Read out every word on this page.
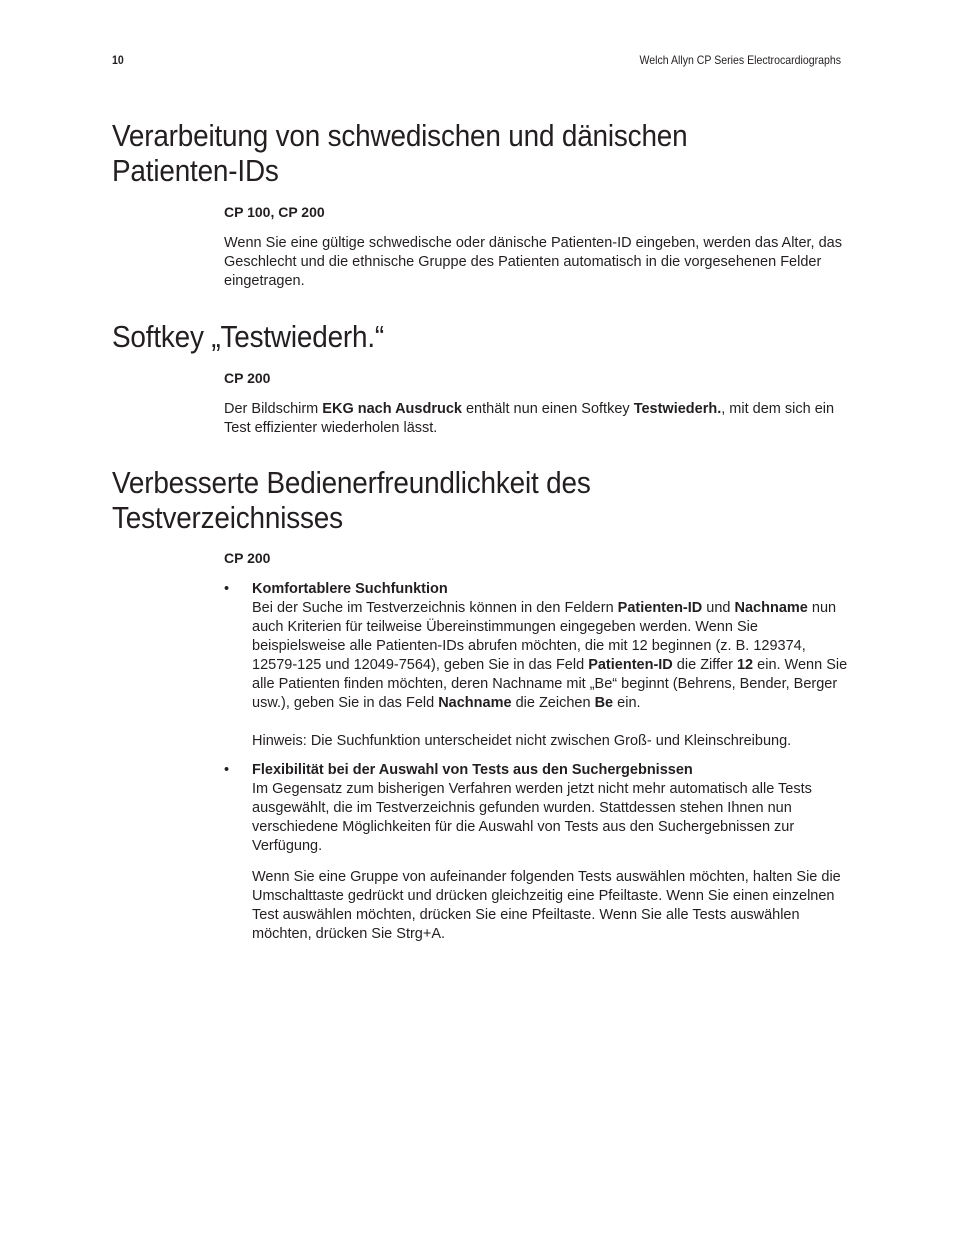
10	Welch Allyn CP Series Electrocardiographs
Verarbeitung von schwedischen und dänischen
Patienten-IDs

CP 100, CP 200

Wenn Sie eine gültige schwedische oder dänische Patienten-ID eingeben, werden das Alter, das Geschlecht und die ethnische Gruppe des Patienten automatisch in die vorgesehenen Felder eingetragen.

Softkey „Testwiederh.“

CP 200

Der Bildschirm EKG nach Ausdruck enthält nun einen Softkey Testwiederh., mit dem sich ein Test effizienter wiederholen lässt.

Verbesserte Bedienerfreundlichkeit des
Testverzeichnisses

CP 200

• Komfortablere Suchfunktion
Bei der Suche im Testverzeichnis können in den Feldern Patienten-ID und Nachname nun auch Kriterien für teilweise Übereinstimmungen eingegeben werden. Wenn Sie beispielsweise alle Patienten-IDs abrufen möchten, die mit 12 beginnen (z. B. 129374, 12579-125 und 12049-7564), geben Sie in das Feld Patienten-ID die Ziffer 12 ein. Wenn Sie alle Patienten finden möchten, deren Nachname mit „Be“ beginnt (Behrens, Bender, Berger usw.), geben Sie in das Feld Nachname die Zeichen Be ein.
Hinweis: Die Suchfunktion unterscheidet nicht zwischen Groß- und Kleinschreibung.
• Flexibilität bei der Auswahl von Tests aus den Suchergebnissen
Im Gegensatz zum bisherigen Verfahren werden jetzt nicht mehr automatisch alle Tests ausgewählt, die im Testverzeichnis gefunden wurden. Stattdessen stehen Ihnen nun verschiedene Möglichkeiten für die Auswahl von Tests aus den Suchergebnissen zur Verfügung.
Wenn Sie eine Gruppe von aufeinander folgenden Tests auswählen möchten, halten Sie die Umschalttaste gedrückt und drücken gleichzeitig eine Pfeiltaste. Wenn Sie einen einzelnen Test auswählen möchten, drücken Sie eine Pfeiltaste. Wenn Sie alle Tests auswählen möchten, drücken Sie Strg+A.
